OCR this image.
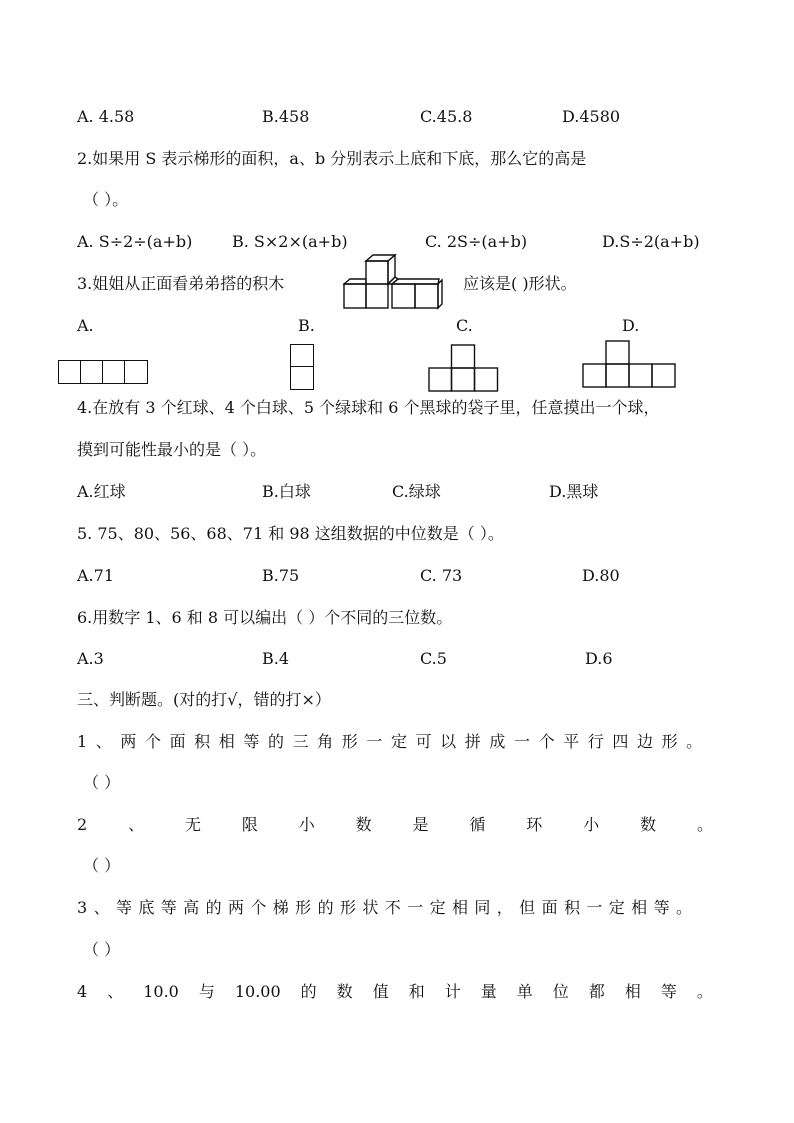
A. 4.58	B.458	C.45.8	D.4580
2.如果用 S 表示梯形的面积，a、b 分别表示上底和下底，那么它的高是
（ ）。
A. S÷2÷(a+b) B. S×2×(a+b)	C. 2S÷(a+b)	D.S÷2(a+b)
3.姐姐从正面看弟弟搭的积木	应该是( )形状。
A.	B.	C.	D.
4.在放有 3 个红球、4 个白球、5 个绿球和 6 个黑球的袋子里，任意摸出一个球，
摸到可能性最小的是（ ）。
A.红球	B.白球	C.绿球	D.黑球
5. 75、80、56、68、71 和 98 这组数据的中位数是（ ）。
A.71	B.75	C. 73	D.80
6.用数字 1、6 和 8 可以编出（ ）个不同的三位数。
A.3	B.4	C.5	D.6
三、判断题。(对的打√，错的打×）
1、两个面积相等的三角形一定可以拼成一个平行四边形。
（ ）
2	、	无	限	小	数	是	循	环	小	数	。
（ ）
3、等底等高的两个梯形的形状不一定相同，但面积一定相等。
（ ）
4 、 10.0 与 10.00 的 数 值 和 计 量 单 位 都 相 等 。
